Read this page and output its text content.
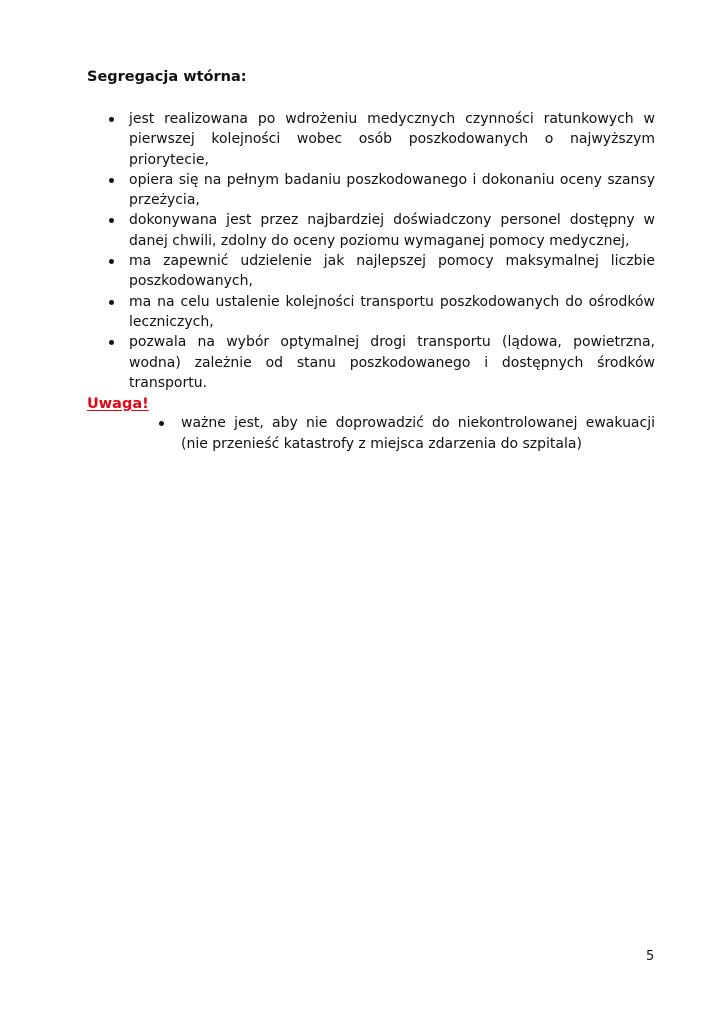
Segregacja wtórna:
jest realizowana po wdrożeniu medycznych czynności ratunkowych w pierwszej kolejności wobec osób poszkodowanych o najwyższym priorytecie,
opiera się na pełnym badaniu poszkodowanego i dokonaniu oceny szansy przeżycia,
dokonywana jest przez najbardziej doświadczony personel dostępny w danej chwili, zdolny do oceny poziomu wymaganej pomocy medycznej,
ma zapewnić udzielenie jak najlepszej pomocy maksymalnej liczbie poszkodowanych,
ma na celu ustalenie kolejności transportu poszkodowanych do ośrodków leczniczych,
pozwala na wybór optymalnej drogi transportu (lądowa, powietrzna, wodna) zależnie od stanu poszkodowanego i dostępnych środków transportu.

Uwaga!

ważne jest, aby nie doprowadzić do niekontrolowanej ewakuacji (nie przenieść katastrofy z miejsca zdarzenia do szpitala)
5
